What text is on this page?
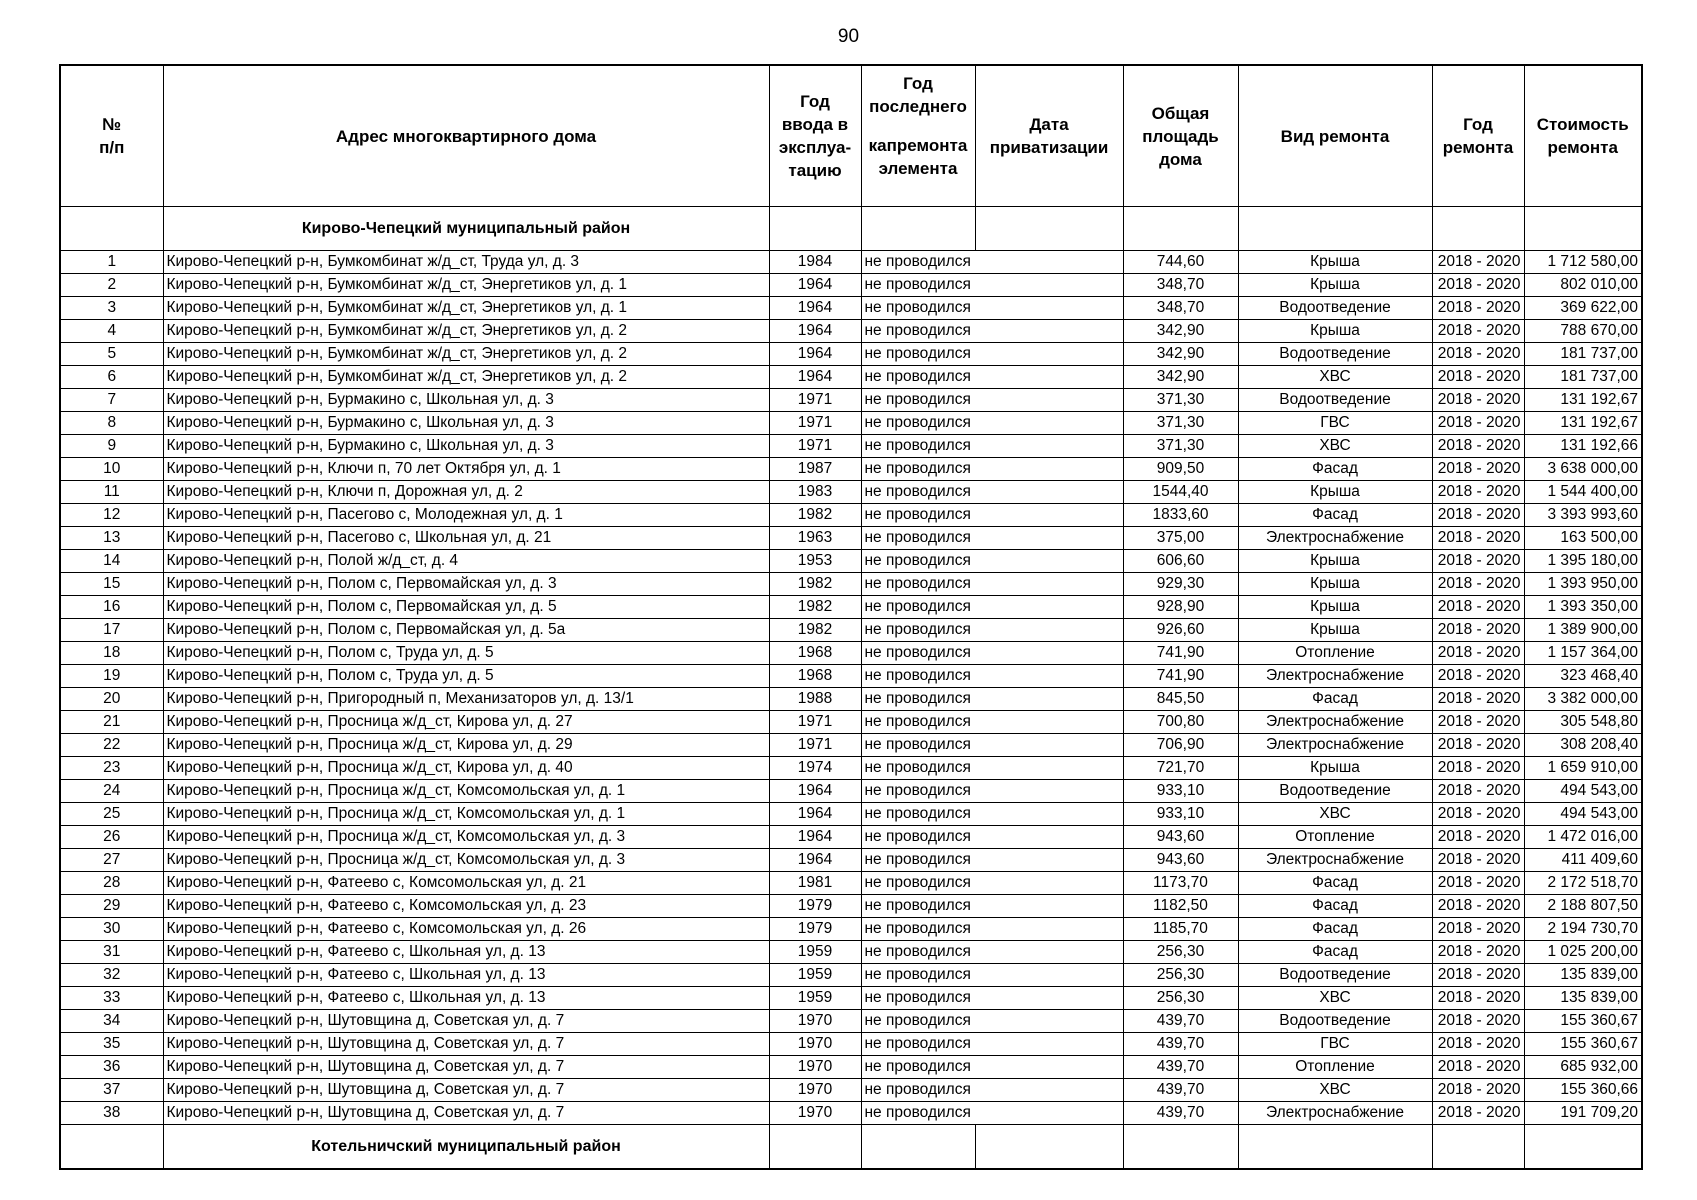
90
№
п/п	Адрес многоквартирного дома	Год
ввода в
эксплуа-
тацию	Год
последнего
капремонта
элемента	Дата
приватизации	Общая
площадь
дома	Вид ремонта	Год
ремонта	Стоимость
ремонта

	Кирово-Чепецкий муниципальный район							
1	Кирово-Чепецкий р-н, Бумкомбинат ж/д_ст, Труда ул, д. 3	1984	не проводился		744,60	Крыша	2018 - 2020	1 712 580,00
2	Кирово-Чепецкий р-н, Бумкомбинат ж/д_ст, Энергетиков ул, д. 1	1964	не проводился		348,70	Крыша	2018 - 2020	802 010,00
3	Кирово-Чепецкий р-н, Бумкомбинат ж/д_ст, Энергетиков ул, д. 1	1964	не проводился		348,70	Водоотведение	2018 - 2020	369 622,00
4	Кирово-Чепецкий р-н, Бумкомбинат ж/д_ст, Энергетиков ул, д. 2	1964	не проводился		342,90	Крыша	2018 - 2020	788 670,00
5	Кирово-Чепецкий р-н, Бумкомбинат ж/д_ст, Энергетиков ул, д. 2	1964	не проводился		342,90	Водоотведение	2018 - 2020	181 737,00
6	Кирово-Чепецкий р-н, Бумкомбинат ж/д_ст, Энергетиков ул, д. 2	1964	не проводился		342,90	ХВС	2018 - 2020	181 737,00
7	Кирово-Чепецкий р-н, Бурмакино с, Школьная ул, д. 3	1971	не проводился		371,30	Водоотведение	2018 - 2020	131 192,67
8	Кирово-Чепецкий р-н, Бурмакино с, Школьная ул, д. 3	1971	не проводился		371,30	ГВС	2018 - 2020	131 192,67
9	Кирово-Чепецкий р-н, Бурмакино с, Школьная ул, д. 3	1971	не проводился		371,30	ХВС	2018 - 2020	131 192,66
10	Кирово-Чепецкий р-н, Ключи п, 70 лет Октября ул, д. 1	1987	не проводился		909,50	Фасад	2018 - 2020	3 638 000,00
11	Кирово-Чепецкий р-н, Ключи п, Дорожная ул, д. 2	1983	не проводился		1544,40	Крыша	2018 - 2020	1 544 400,00
12	Кирово-Чепецкий р-н, Пасегово с, Молодежная ул, д. 1	1982	не проводился		1833,60	Фасад	2018 - 2020	3 393 993,60
13	Кирово-Чепецкий р-н, Пасегово с, Школьная ул, д. 21	1963	не проводился		375,00	Электроснабжение	2018 - 2020	163 500,00
14	Кирово-Чепецкий р-н, Полой ж/д_ст, д. 4	1953	не проводился		606,60	Крыша	2018 - 2020	1 395 180,00
15	Кирово-Чепецкий р-н, Полом с, Первомайская ул, д. 3	1982	не проводился		929,30	Крыша	2018 - 2020	1 393 950,00
16	Кирово-Чепецкий р-н, Полом с, Первомайская ул, д. 5	1982	не проводился		928,90	Крыша	2018 - 2020	1 393 350,00
17	Кирово-Чепецкий р-н, Полом с, Первомайская ул, д. 5а	1982	не проводился		926,60	Крыша	2018 - 2020	1 389 900,00
18	Кирово-Чепецкий р-н, Полом с, Труда ул, д. 5	1968	не проводился		741,90	Отопление	2018 - 2020	1 157 364,00
19	Кирово-Чепецкий р-н, Полом с, Труда ул, д. 5	1968	не проводился		741,90	Электроснабжение	2018 - 2020	323 468,40
20	Кирово-Чепецкий р-н, Пригородный п, Механизаторов ул, д. 13/1	1988	не проводился		845,50	Фасад	2018 - 2020	3 382 000,00
21	Кирово-Чепецкий р-н, Просница ж/д_ст, Кирова ул, д. 27	1971	не проводился		700,80	Электроснабжение	2018 - 2020	305 548,80
22	Кирово-Чепецкий р-н, Просница ж/д_ст, Кирова ул, д. 29	1971	не проводился		706,90	Электроснабжение	2018 - 2020	308 208,40
23	Кирово-Чепецкий р-н, Просница ж/д_ст, Кирова ул, д. 40	1974	не проводился		721,70	Крыша	2018 - 2020	1 659 910,00
24	Кирово-Чепецкий р-н, Просница ж/д_ст, Комсомольская ул, д. 1	1964	не проводился		933,10	Водоотведение	2018 - 2020	494 543,00
25	Кирово-Чепецкий р-н, Просница ж/д_ст, Комсомольская ул, д. 1	1964	не проводился		933,10	ХВС	2018 - 2020	494 543,00
26	Кирово-Чепецкий р-н, Просница ж/д_ст, Комсомольская ул, д. 3	1964	не проводился		943,60	Отопление	2018 - 2020	1 472 016,00
27	Кирово-Чепецкий р-н, Просница ж/д_ст, Комсомольская ул, д. 3	1964	не проводился		943,60	Электроснабжение	2018 - 2020	411 409,60
28	Кирово-Чепецкий р-н, Фатеево с, Комсомольская ул, д. 21	1981	не проводился		1173,70	Фасад	2018 - 2020	2 172 518,70
29	Кирово-Чепецкий р-н, Фатеево с, Комсомольская ул, д. 23	1979	не проводился		1182,50	Фасад	2018 - 2020	2 188 807,50
30	Кирово-Чепецкий р-н, Фатеево с, Комсомольская ул, д. 26	1979	не проводился		1185,70	Фасад	2018 - 2020	2 194 730,70
31	Кирово-Чепецкий р-н, Фатеево с, Школьная ул, д. 13	1959	не проводился		256,30	Фасад	2018 - 2020	1 025 200,00
32	Кирово-Чепецкий р-н, Фатеево с, Школьная ул, д. 13	1959	не проводился		256,30	Водоотведение	2018 - 2020	135 839,00
33	Кирово-Чепецкий р-н, Фатеево с, Школьная ул, д. 13	1959	не проводился		256,30	ХВС	2018 - 2020	135 839,00
34	Кирово-Чепецкий р-н, Шутовщина д, Советская ул, д. 7	1970	не проводился		439,70	Водоотведение	2018 - 2020	155 360,67
35	Кирово-Чепецкий р-н, Шутовщина д, Советская ул, д. 7	1970	не проводился		439,70	ГВС	2018 - 2020	155 360,67
36	Кирово-Чепецкий р-н, Шутовщина д, Советская ул, д. 7	1970	не проводился		439,70	Отопление	2018 - 2020	685 932,00
37	Кирово-Чепецкий р-н, Шутовщина д, Советская ул, д. 7	1970	не проводился		439,70	ХВС	2018 - 2020	155 360,66
38	Кирово-Чепецкий р-н, Шутовщина д, Советская ул, д. 7	1970	не проводился		439,70	Электроснабжение	2018 - 2020	191 709,20
	Котельничский муниципальный район							
